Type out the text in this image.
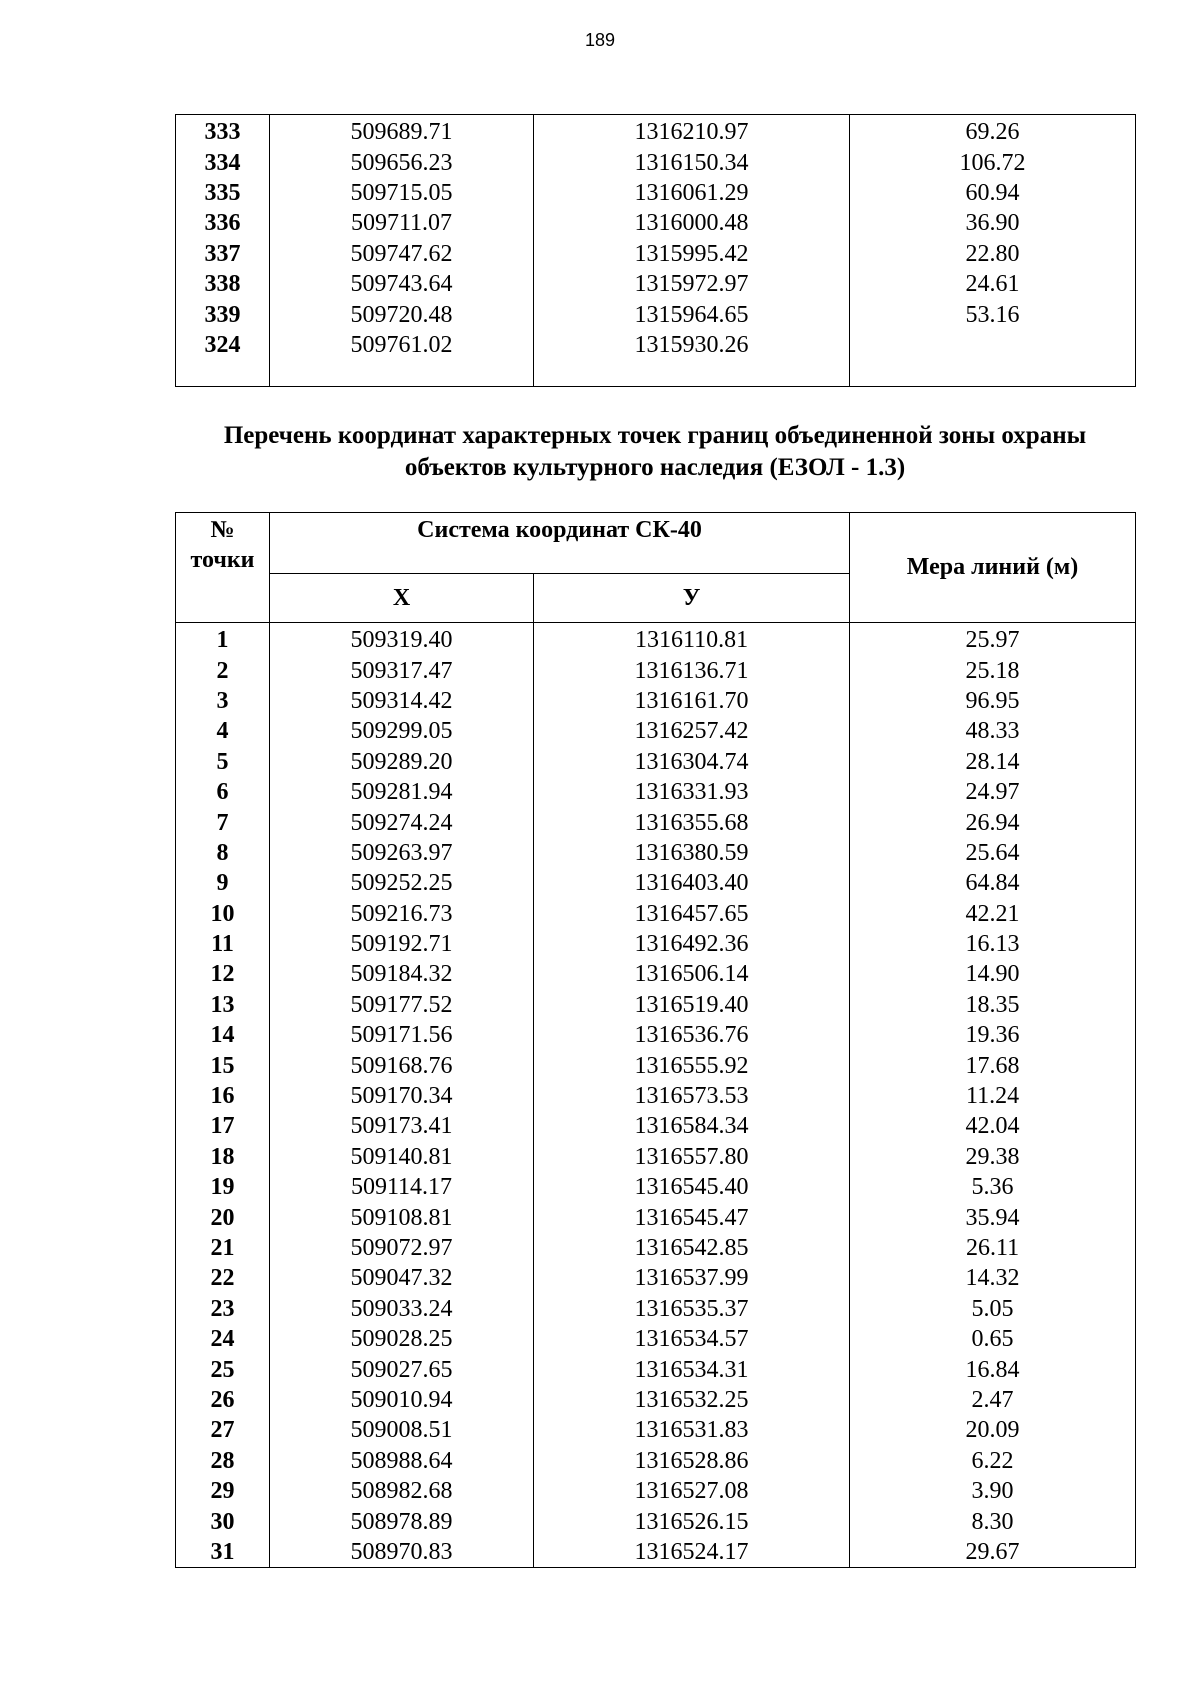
189
333	509689.71	1316210.97	69.26
334	509656.23	1316150.34	106.72
335	509715.05	1316061.29	60.94
336	509711.07	1316000.48	36.90
337	509747.62	1315995.42	22.80
338	509743.64	1315972.97	24.61
339	509720.48	1315964.65	53.16
324	509761.02	1315930.26	

Перечень координат характерных точек границ объединенной зоны охраны
объектов культурного наследия (ЕЗОЛ - 1.3)
№
точки	Система координат СК-40		Мера линий (м)
	Х	У	
1	509319.40	1316110.81	25.97
2	509317.47	1316136.71	25.18
3	509314.42	1316161.70	96.95
4	509299.05	1316257.42	48.33
5	509289.20	1316304.74	28.14
6	509281.94	1316331.93	24.97
7	509274.24	1316355.68	26.94
8	509263.97	1316380.59	25.64
9	509252.25	1316403.40	64.84
10	509216.73	1316457.65	42.21
11	509192.71	1316492.36	16.13
12	509184.32	1316506.14	14.90
13	509177.52	1316519.40	18.35
14	509171.56	1316536.76	19.36
15	509168.76	1316555.92	17.68
16	509170.34	1316573.53	11.24
17	509173.41	1316584.34	42.04
18	509140.81	1316557.80	29.38
19	509114.17	1316545.40	5.36
20	509108.81	1316545.47	35.94
21	509072.97	1316542.85	26.11
22	509047.32	1316537.99	14.32
23	509033.24	1316535.37	5.05
24	509028.25	1316534.57	0.65
25	509027.65	1316534.31	16.84
26	509010.94	1316532.25	2.47
27	509008.51	1316531.83	20.09
28	508988.64	1316528.86	6.22
29	508982.68	1316527.08	3.90
30	508978.89	1316526.15	8.30
31	508970.83	1316524.17	29.67
